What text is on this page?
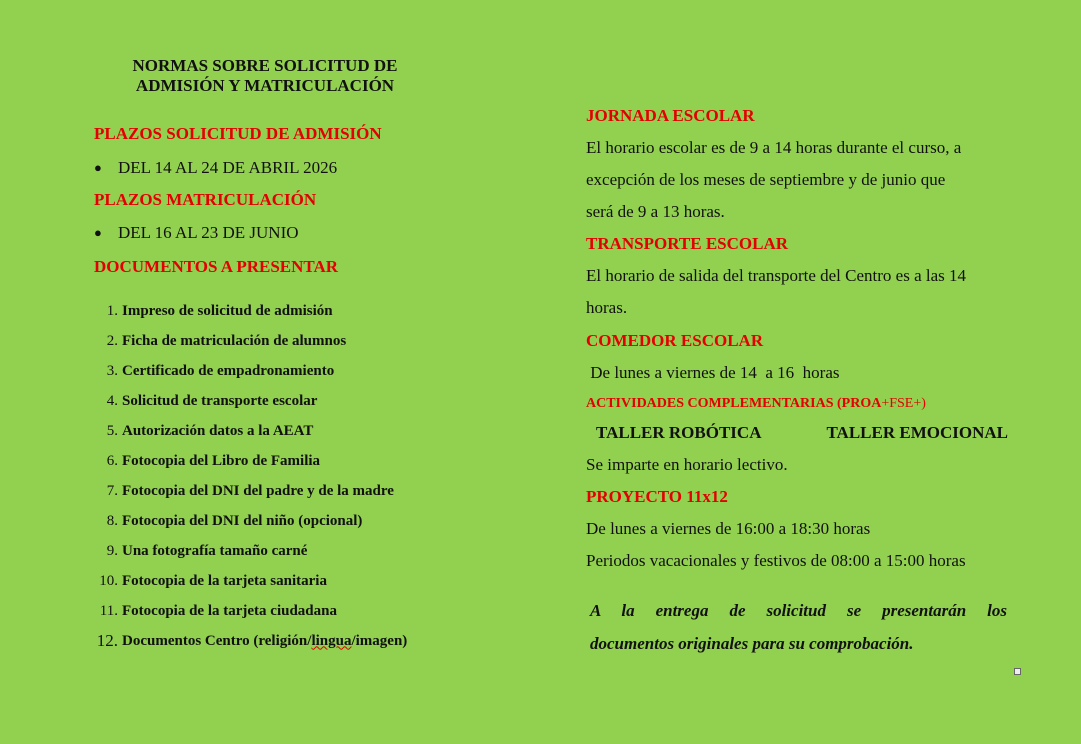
NORMAS SOBRE SOLICITUD DE
ADMISIÓN Y MATRICULACIÓN
PLAZOS SOLICITUD DE ADMISIÓN
● DEL 14 AL 24 DE ABRIL 2026
PLAZOS MATRICULACIÓN
● DEL 16 AL 23 DE JUNIO
DOCUMENTOS A PRESENTAR
1. Impreso de solicitud de admisión
2. Ficha de matriculación de alumnos
3. Certificado de empadronamiento
4. Solicitud de transporte escolar
5. Autorización datos a la AEAT
6. Fotocopia del Libro de Familia
7. Fotocopia del DNI del padre y de la madre
8. Fotocopia del DNI del niño (opcional)
9. Una fotografía tamaño carné
10. Fotocopia de la tarjeta sanitaria
11. Fotocopia de la tarjeta ciudadana
12. Documentos Centro (religión/ lingua /imagen)
JORNADA ESCOLAR
El horario escolar es de 9 a 14 horas durante el curso, a
excepción de los meses de septiembre y de junio que
será de 9 a 13 horas.
TRANSPORTE ESCOLAR
El horario de salida del transporte del Centro es a las 14
horas.
COMEDOR ESCOLAR
De lunes a viernes de 14  a 16  horas
ACTIVIDADES COMPLEMENTARIAS (PROA+FSE+)
TALLER ROBÓTICA	TALLER EMOCIONAL
Se imparte en horario lectivo.
PROYECTO 11x12
De lunes a viernes de 16:00 a 18:30 horas
Periodos vacacionales y festivos de 08:00 a 15:00 horas
A la entrega de solicitud se presentarán los
documentos originales para su comprobación.
